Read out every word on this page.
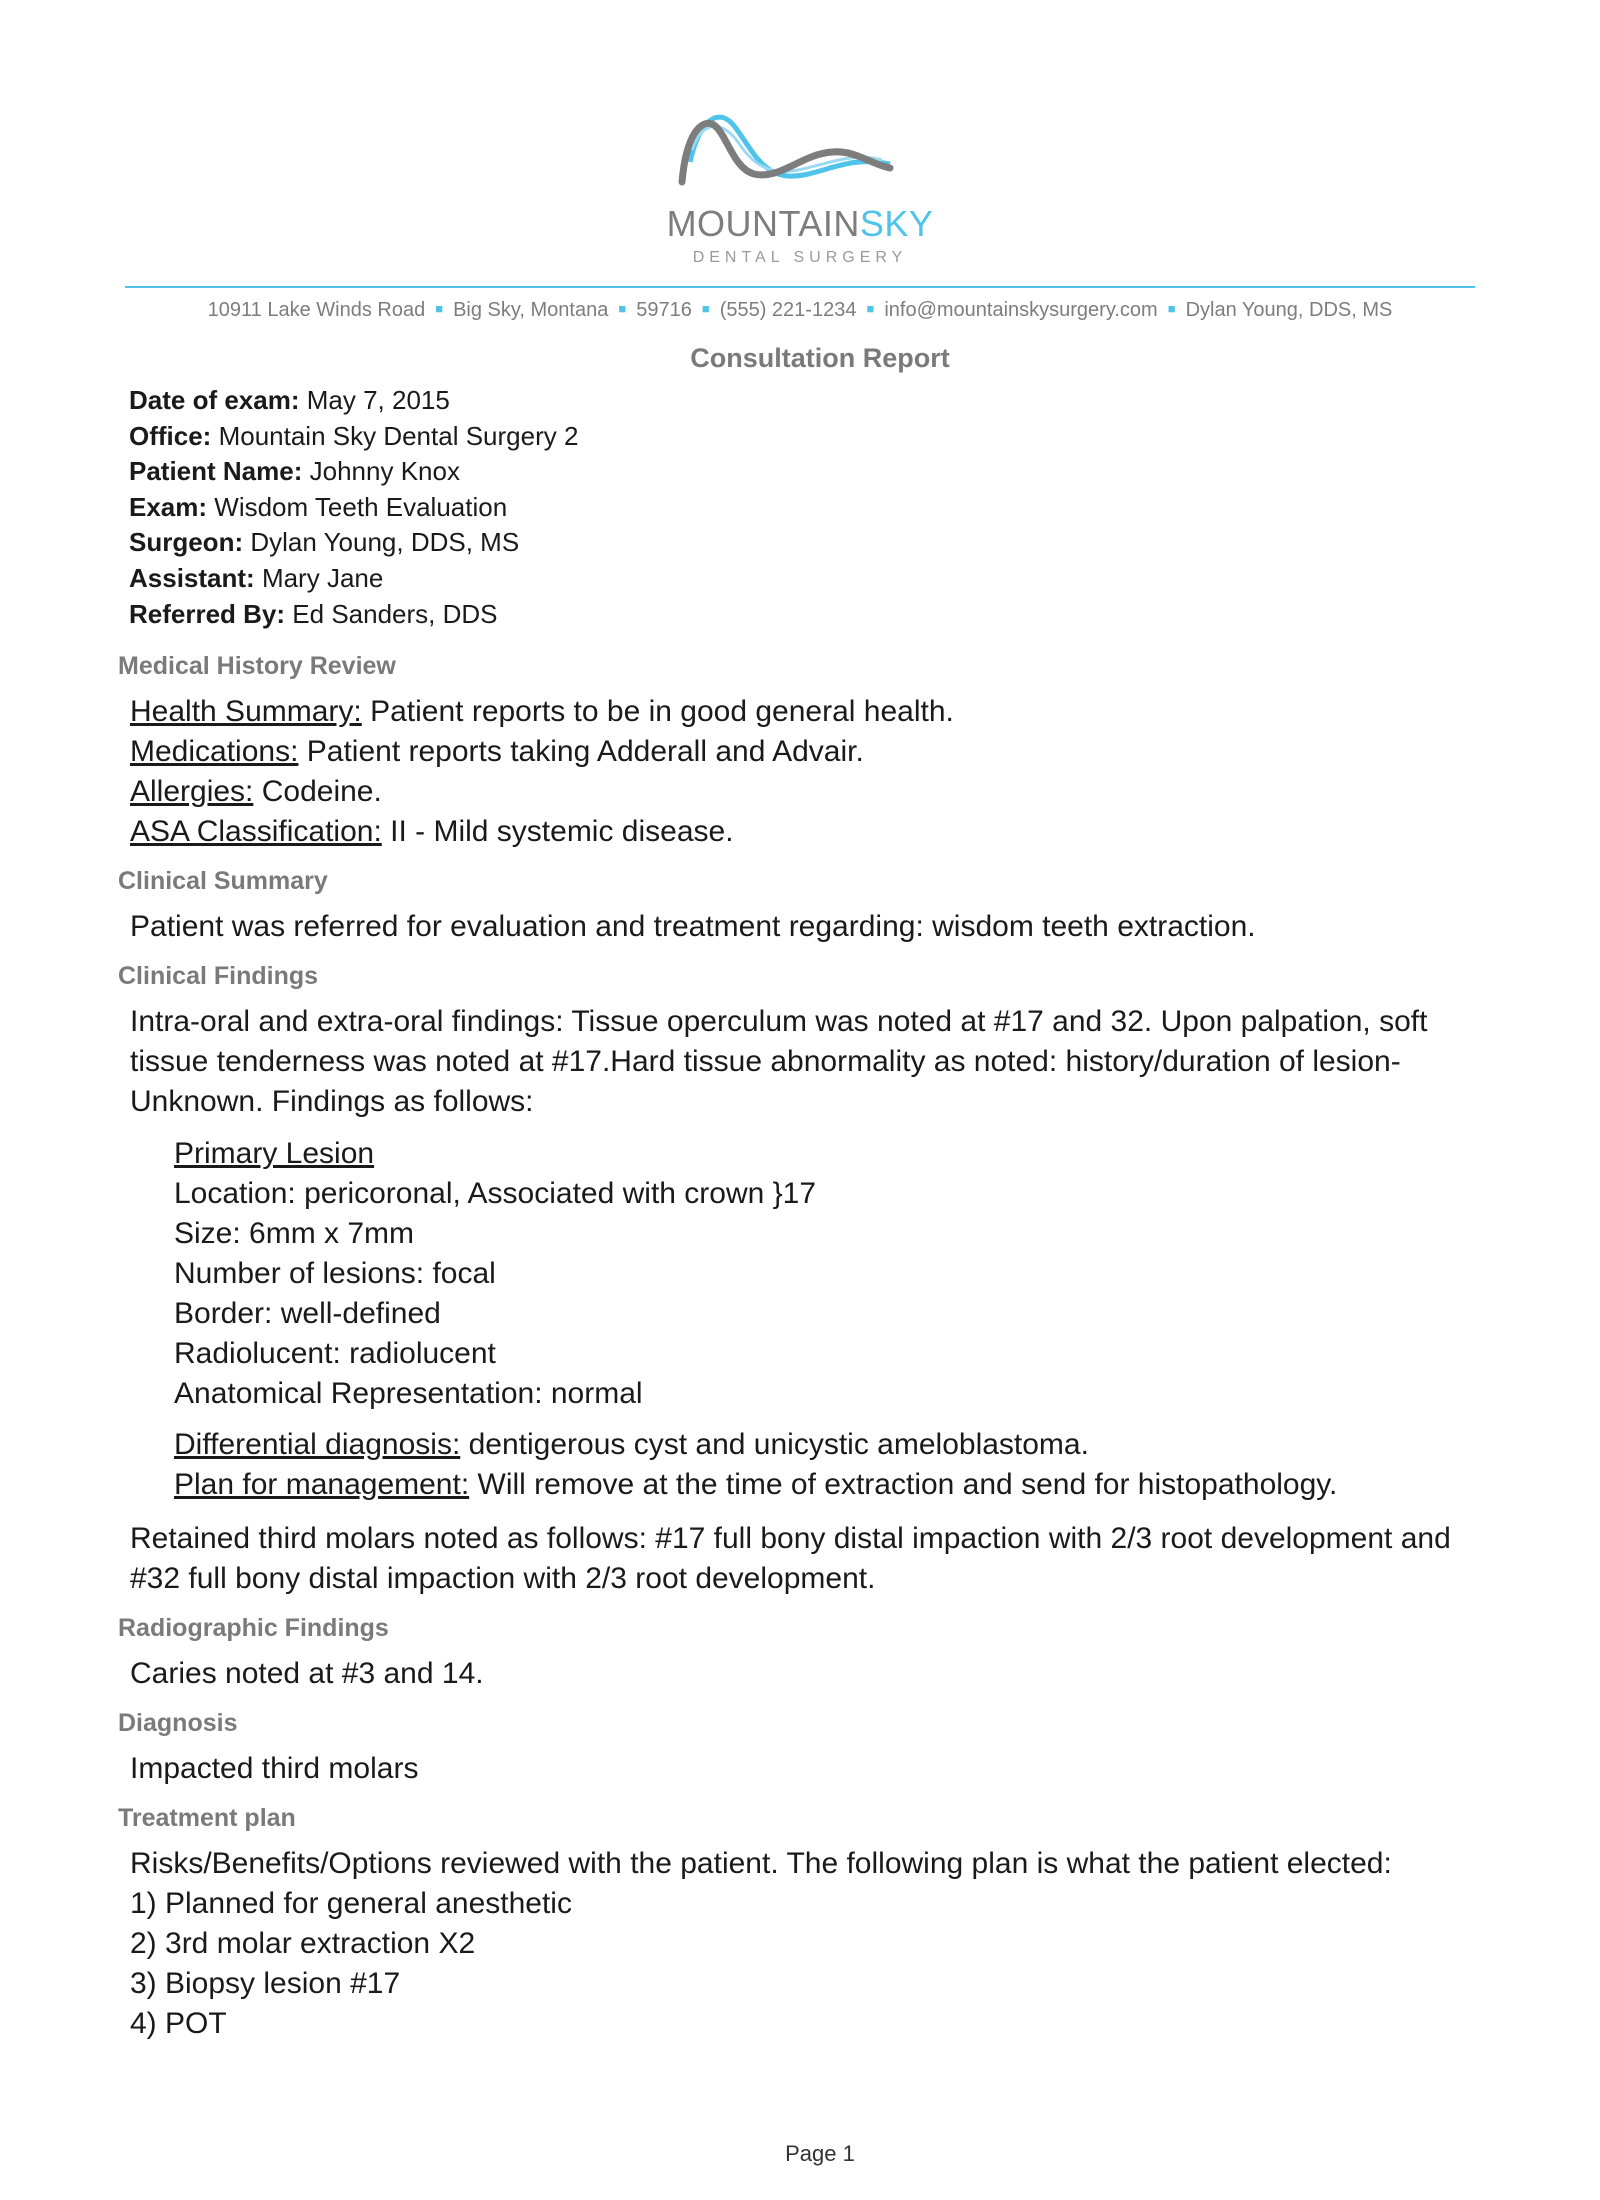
MOUNTAINSKY
DENTAL SURGERY
10911 Lake Winds Road ■ Big Sky, Montana ■ 59716 ■ (555) 221-1234 ■ info@mountainskysurgery.com ■ Dylan Young, DDS, MS
Consultation Report
Date of exam: May 7, 2015
Office: Mountain Sky Dental Surgery 2
Patient Name: Johnny Knox
Exam: Wisdom Teeth Evaluation
Surgeon: Dylan Young, DDS, MS
Assistant: Mary Jane
Referred By: Ed Sanders, DDS
Medical History Review

Health Summary: Patient reports to be in good general health.

Medications: Patient reports taking Adderall and Advair.

Allergies: Codeine.

ASA Classification: II - Mild systemic disease.

Clinical Summary

Patient was referred for evaluation and treatment regarding: wisdom teeth extraction.

Clinical Findings

Intra-oral and extra-oral findings: Tissue operculum was noted at #17 and 32. Upon palpation, soft tissue tenderness was noted at #17.Hard tissue abnormality as noted: history/duration of lesion-Unknown. Findings as follows:

Primary Lesion

Location: pericoronal, Associated with crown }17

Size: 6mm x 7mm

Number of lesions: focal

Border: well-defined

Radiolucent: radiolucent

Anatomical Representation: normal

Differential diagnosis: dentigerous cyst and unicystic ameloblastoma.

Plan for management: Will remove at the time of extraction and send for histopathology.

Retained third molars noted as follows: #17 full bony distal impaction with 2/3 root development and #32 full bony distal impaction with 2/3 root development.

Radiographic Findings

Caries noted at #3 and 14.

Diagnosis

Impacted third molars

Treatment plan

Risks/Benefits/Options reviewed with the patient. The following plan is what the patient elected:

1) Planned for general anesthetic

2) 3rd molar extraction X2

3) Biopsy lesion #17

4) POT

Page 1
